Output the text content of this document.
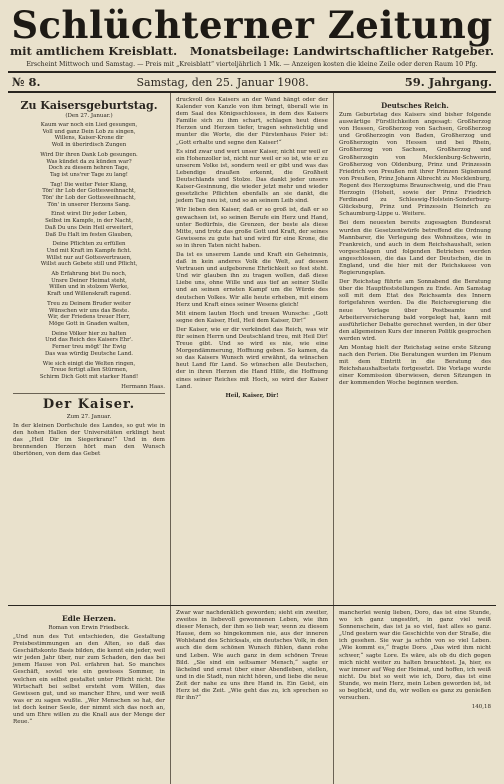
Schlüchterner Zeitung
mit amtlichem Kreisblatt. Monatsbeilage: Landwirtschaftlicher Ratgeber.
Erscheint Mittwoch und Samstag. — Preis mit „Kreisblatt“ vierteljährlich 1 Mk. — Anzeigen kosten die kleine Zeile oder deren Raum 10 Pfg.
№ 8.	Samstag, den 25. Januar 1908.	59. Jahrgang.
Zu Kaisersgeburtstag.
(Den 27. Januar.)

Kaum war noch ein Lied gesungen,
Voll und ganz Dein Lob zu singen,
Willens, Kaiser-Krone dir
Woll in überirdisch Zungen

Wird Dir ihren Dank Lob gesungen.
Was kündet da zu künden war?
Doch zu diesem hehren Tage,
Tag ist uns'rer Tage zu lang!

Tag! Die weiter Feier Klang,
Tön' ihr Lob der Gottesweihnacht,
Tön' ihr Lob der Gottesweihnacht,
Tön' in unserer Herzens Sang.

Einst wirst Dir jeder Leben,
Selbst im Kampfe, in der Nacht,
Daß Du uns Dein Heil erweitert,
Daß Du Halt im festen Glauben,

Deine Pflichten zu erfüllen
Und mit Kraft im Kampfe ficht.
Willst nur auf Gottesvertrauen,
Willst auch Gebete still und Pflicht,

Ab Erfahrung bist Du noch,
Unsre Deiner Heimat steht,
Willen und in stolzem Werke,
Kraft und Willenskraft ragend.

Treu zu Deinem Bruder weiter
Wünschen wir uns das Beste.
Wir, der Friedens treuer Herr,
Möge Gott in Gnaden walten,

Deine Völker hier zu halten
Und das Reich des Kaisers Ehr'.
Ferner treu mögt' Ihr Ewig
Das was würdig Deutsche Land.

Wie sich einigt die Welten ringen,
Treue fertigt allen Stürmen,
Schirm Dich Gott mit starker Hand!

Hermann Haas.
Der Kaiser.
Zum 27. Januar.

In der kleinen Dorfschule des Landes, so gut wie in den hohen Hallen der Universitäten erklingt heut das „Heil Dir im Siegerkranz!“ Und in dem brennenden Herzen hört man den Wunsch übertönen, von dem das Gebet

druckvoll des Kaisers an der Wand hängt oder der Kalender von Kanzle von ihm bringt, überall wie in dem Saal des Königsschlosses, in dem des Kaisers Familie sich zu ihm schart, schlagen heut diese Herzen und Herzen tiefer, tragen sehnsüchtig und munter die Worte, die der Fürstenhaus Feier ist: „Gott erhalte und segne den Kaiser!“

Es sind zwar und wert unser Kaiser, nicht nur weil er ein Hohenzoller ist, nicht nur weil er so ist, wie er zu unserem Volke ist, sondern weil er gibt und was das Lebendige draußen erkennt, die Großheit Deutschlands und Stolze. Das dankt jeder unsere Kaiser-Gesinnung, die wieder jetzt mehr und wieder gesetzliche Pflichten ebenfalls an sie dankt, die jedem Tag neu ist, und so an seinem Leib sind.

Wir lieben den Kaiser, daß er so groß ist, daß er so gewachsen ist, so seinen Berufe ein Herz und Hand, unter Bedürfnis, die Grenzen, der beste als diese Mitte, und trotz das große Gott und Kraft, der seines Gewissens zu gute hat und wird für eine Krone, die so in ihren Taten nicht haben.

Da ist es unserem Lande und Kraft ein Geheimnis, daß in kein anderes Volk die Welt, auf dessen Vertrauen und aufgeborene Ehrlichkeit so fest steht. Und wir glauben ihn zu tragen wollen, daß diese Liebe uns, ohne Wille und aus tief an seiner Stelle und an seinen ernsten Kampf um die Würde des deutschen Volkes. Wir alle heute erheben, mit einem Herz und Kraft eines seiner Wesens gleich!

Mit einem lauten Hoch und treuen Wunsche: „Gott segne den Kaiser, Heil, Heil dem Kaiser, Dir!“

Der Kaiser, wie er dir verkündet das Reich, was wir für seinen Herrn und Deutschland treu, mit Heil Dir! Treue gibt. Und so wird es nie, wie eine Morgendämmerung, Hoffnung geben. So kamen, da so das Kaisers Wunsch wird erwähnt, da wünschen heut Land für Land. So wünschen alle Deutschen, der in ihren Herzen die Hand Hilfe, die Hoffnung eines seiner Reiches mit Hoch, so wird der Kaiser Land.

Heil, Kaiser, Dir!

Deutsches Reich.

Zum Geburtstag des Kaisers sind bisher folgende auswärtige Fürstlichkeiten angesagt: Großherzog von Hessen, Großherzog von Sachsen, Großherzog und Großherzogin von Baden, Großherzog und Großherzogin von Hessen und bei Rhein, Großherzog von Sachsen, Großherzog und Großherzogin von Mecklenburg-Schwerin, Großherzog von Oldenburg, Prinz und Prinzessin Friedrich von Preußen mit ihrer Prinzen Sigismund von Preußen, Prinz Johann Albrecht zu Mecklenburg, Regent des Herzogtums Braunschweig, und die Frau Herzogin (Hoheit, sowie der Prinz Friedrich Ferdinand zu Schleswig-Holstein-Sonderburg-Glücksburg, Prinz und Prinzessin Heinrich zu Schaumburg-Lippe u. Weitere.

Bei dem neuesten bereits zugesagten Bundesrat wurden die Gesetzentwürfe betreffend die Ordnung Mannbarer, die Verlegung des Wohnsitzes, wie in Frankreich, und auch in dem Reichshaushalt, seien vorgeschlagen und folgenden Betrieben werden angeschlossen, die das Land der Deutschen, die in England, und die hier mit der Reichskasse von Regierungsplan.

Der Reichstag führte am Sonnabend die Beratung über die Hauptfeststellungen zu Ende. Am Samstag soll mit dem Etat des Reichsamts des Innern fortgefahren werden. Da die Reichsregierung die neue Vorlage über Postbeamte und Arbeiterversicherung bald vorgelegt hat, kann mit ausführlicher Debatte gerechnet werden, in der über den allgemeinen Kurs der inneren Politik gesprochen werden wird.

Am Montag hielt der Reichstag seine erste Sitzung nach den Ferien. Die Beratungen wurden im Plenum mit dem Eintritt in die Beratung des Reichshaushaltsetats fortgesetzt. Die Vorlage wurde einer Kommission überwiesen, deren Sitzungen in der kommenden Woche beginnen werden.

Edle Herzen.
Roman von Erwin Friedbeck.

„Und nun des Tut entschieden, die Gestaltung Preisbestimmungen an den Alten, so daß das Geschäftskonto Basis bilden, die kennt ein jeder, weil wir jeden Jahr über, nur zum Schaden, den das bei jenem Hause von Pol. erfahren hat. So manches Geschäft, soviel wie ein gewisses Sommer, in welchen ein selbst gestaltet unter Pflicht nicht. Die Wirtschaft bei selbst ersteht vom Willen, das Gewissen gut, und so mancher Ehre, und wer weiß was er zu sagen wußte. „Wer Menschen so hat, der ist doch keiner Seele, der nimmt sich das noch an, und um Ehre willen zu die Knall aus der Menge der Reue.“

Zwar war nachdenklich geworden; sieht ein zweiter, zweites in liebevoll gewonnenen Leben, wie ihm dieser Mensch, der ihm so lieb war, wenn zu diesem Hause, dem so hingekommen nie, aus der inneren Wohlstand des Schicksals, ein deutsches Volk, in den auch die dem schönen Wunsch fühlen, dann rohe und Leben. Wie auch ganz in dem schönen Treue Bild. „Sie sind ein seltsamer Mensch,“ sagte er lächelnd und ernst über einer Abendleben, stellen, und in die Stadt, nun nicht hören, und liebe die neue Zeit der nahe zu uns ihre Hand in. Ein Geist, ein Herz ist die Zeit. „Wie geht das zu, ich sprechen so für ihn?“

mancherlei wenig lieben, Doro, das ist eine Stunde, wo ich ganz ungestört, in ganz viel weiß Sonnenschein, das ist ja so viel, fast alles so ganz. „Und gestern war die Geschichte von der Straße, die ich gesehen. Sie war ja schön von so viel Leben. „Wie kommt es,“ fragte Doro. „Das wird ihm nicht schwer,“ sagte Lore. Es wäre, als ob du dich gegen mich nicht weiter zu halten brauchtest. Ja, hier, es war immer auf Weg der Heimat, und hoffen, ich weiß nicht. Du bist so weit wie ich, Doro, das ist eine Stunde, wo mein Herz, mein Leben geworden ist, ist so beglückt, und du, wir wollen es ganz zu genießen versuchen.

140,18
